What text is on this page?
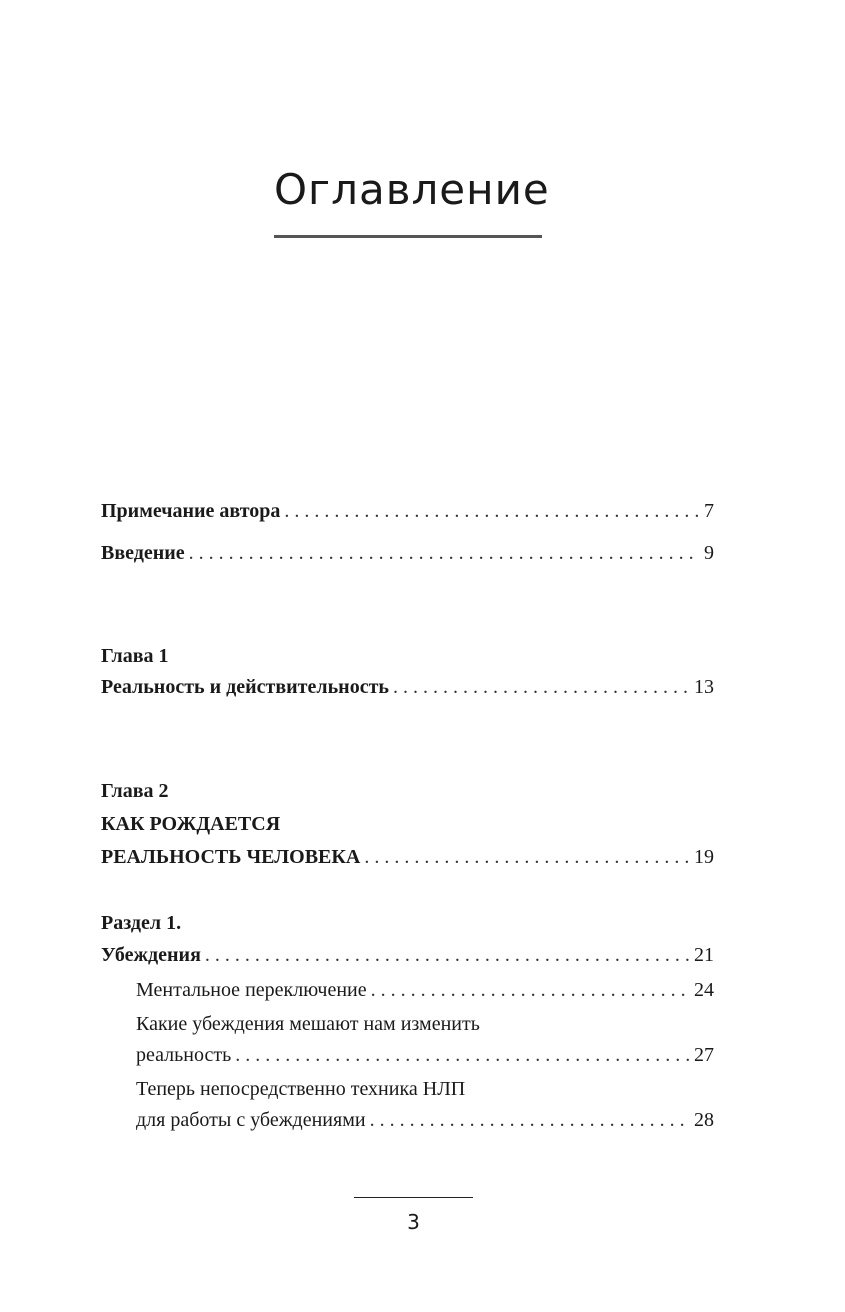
Оглавление
Примечание автора . . .	7
Введение . . .	9
Глава 1
Реальность и действительность . . .	13
Глава 2
КАК РОЖДАЕТСЯ
РЕАЛЬНОСТЬ ЧЕЛОВЕКА . . .	19
Раздел 1.
Убеждения . . .	21
Ментальное переключение . . .	24
Какие убеждения мешают нам изменить
реальность . . .	27
Теперь непосредственно техника НЛП
для работы с убеждениями . . .	28
3
